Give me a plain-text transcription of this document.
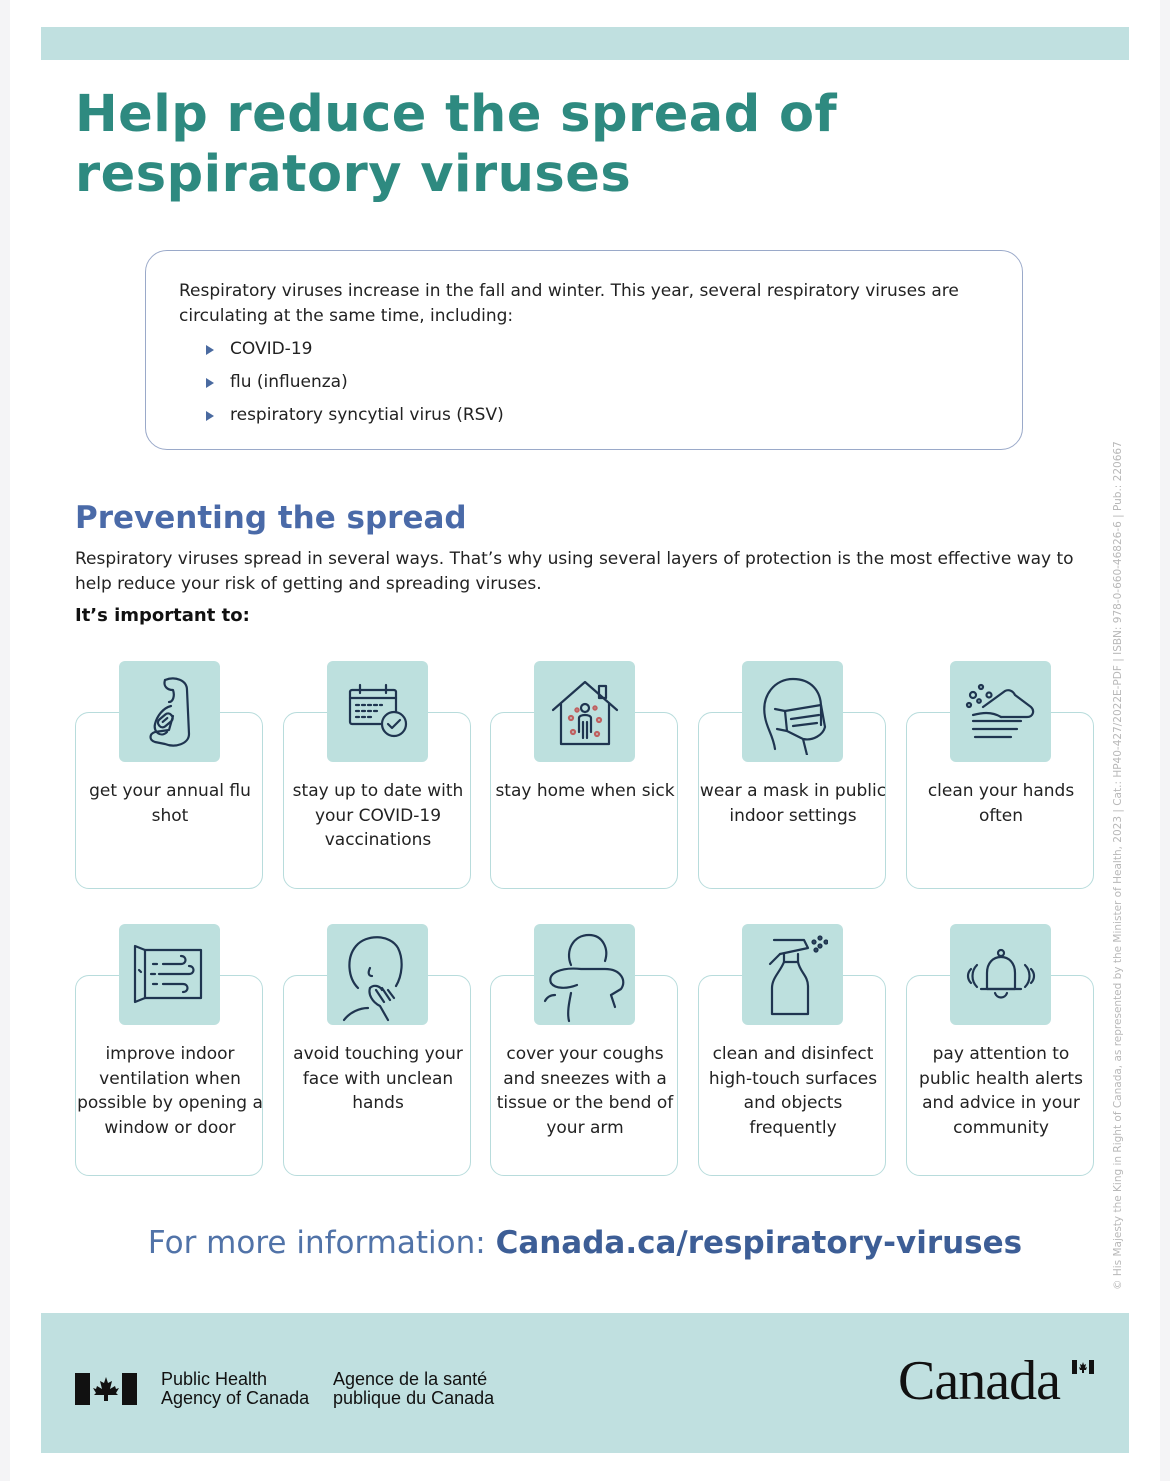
Help reduce the spread of respiratory viruses

Respiratory viruses increase in the fall and winter. This year, several respiratory viruses are circulating at the same time, including:

COVID-19
flu (influenza)
respiratory syncytial virus (RSV)
Preventing the spread

Respiratory viruses spread in several ways. That’s why using several layers of protection is the most effective way to help reduce your risk of getting and spreading viruses.

It’s important to:

get your annual flu shot

stay up to date with your COVID-19 vaccinations

stay home when sick wear a mask in public indoor settings

clean your hands often

improve indoor ventilation when possible by opening a window or door

avoid touching your face with unclean hands

cover your coughs and sneezes with a tissue or the bend of your arm

clean and disinfect high-touch surfaces and objects frequently

pay attention to public health alerts and advice in your community

For more information: Canada.ca/respiratory-viruses

Public Health Agency of Canada

Agence de la santé publique du Canada	Canada

© His Majesty the King in Right of Canada, as represented by the Minister of Health, 2023 | Cat.: HP40-427/2022E-PDF | ISBN: 978-0-660-46826-6 | Pub.: 220667
